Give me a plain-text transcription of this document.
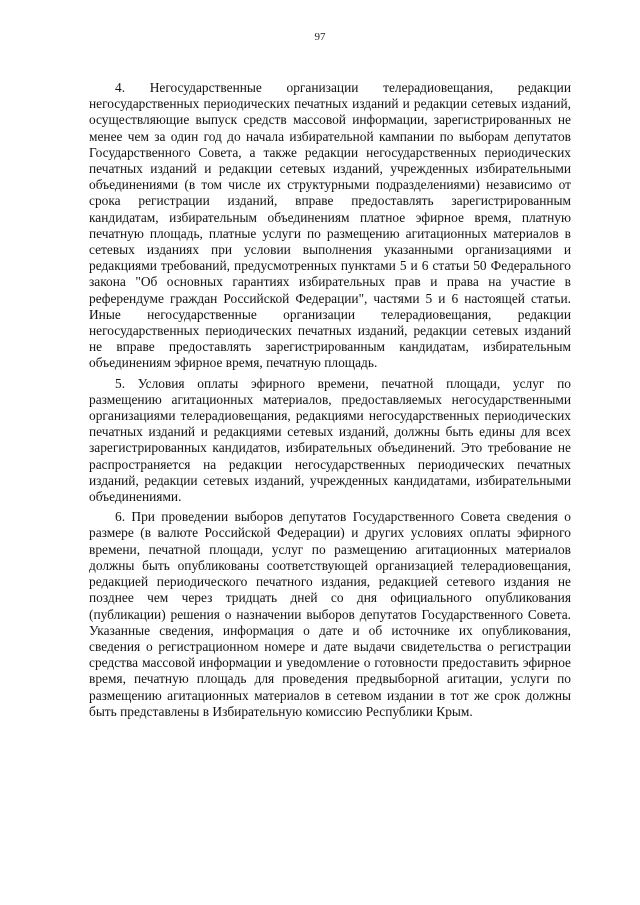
97

4. Негосударственные организации телерадиовещания, редакции негосударственных периодических печатных изданий и редакции сетевых изданий, осуществляющие выпуск средств массовой информации, зарегистрированных не менее чем за один год до начала избирательной кампании по выборам депутатов Государственного Совета, а также редакции негосударственных периодических печатных изданий и редакции сетевых изданий, учрежденных избирательными объединениями (в том числе их структурными подразделениями) независимо от срока регистрации изданий, вправе предоставлять зарегистрированным кандидатам, избирательным объединениям платное эфирное время, платную печатную площадь, платные услуги по размещению агитационных материалов в сетевых изданиях при условии выполнения указанными организациями и редакциями требований, предусмотренных пунктами 5 и 6 статьи 50 Федерального закона "Об основных гарантиях избирательных прав и права на участие в референдуме граждан Российской Федерации", частями 5 и 6 настоящей статьи. Иные негосударственные организации телерадиовещания, редакции негосударственных периодических печатных изданий, редакции сетевых изданий не вправе предоставлять зарегистрированным кандидатам, избирательным объединениям эфирное время, печатную площадь.

5. Условия оплаты эфирного времени, печатной площади, услуг по размещению агитационных материалов, предоставляемых негосударственными организациями телерадиовещания, редакциями негосударственных периодических печатных изданий и редакциями сетевых изданий, должны быть едины для всех зарегистрированных кандидатов, избирательных объединений. Это требование не распространяется на редакции негосударственных периодических печатных изданий, редакции сетевых изданий, учрежденных кандидатами, избирательными объединениями.

6. При проведении выборов депутатов Государственного Совета сведения о размере (в валюте Российской Федерации) и других условиях оплаты эфирного времени, печатной площади, услуг по размещению агитационных материалов должны быть опубликованы соответствующей организацией телерадиовещания, редакцией периодического печатного издания, редакцией сетевого издания не позднее чем через тридцать дней со дня официального опубликования (публикации) решения о назначении выборов депутатов Государственного Совета. Указанные сведения, информация о дате и об источнике их опубликования, сведения о регистрационном номере и дате выдачи свидетельства о регистрации средства массовой информации и уведомление о готовности предоставить эфирное время, печатную площадь для проведения предвыборной агитации, услуги по размещению агитационных материалов в сетевом издании в тот же срок должны быть представлены в Избирательную комиссию Республики Крым.
